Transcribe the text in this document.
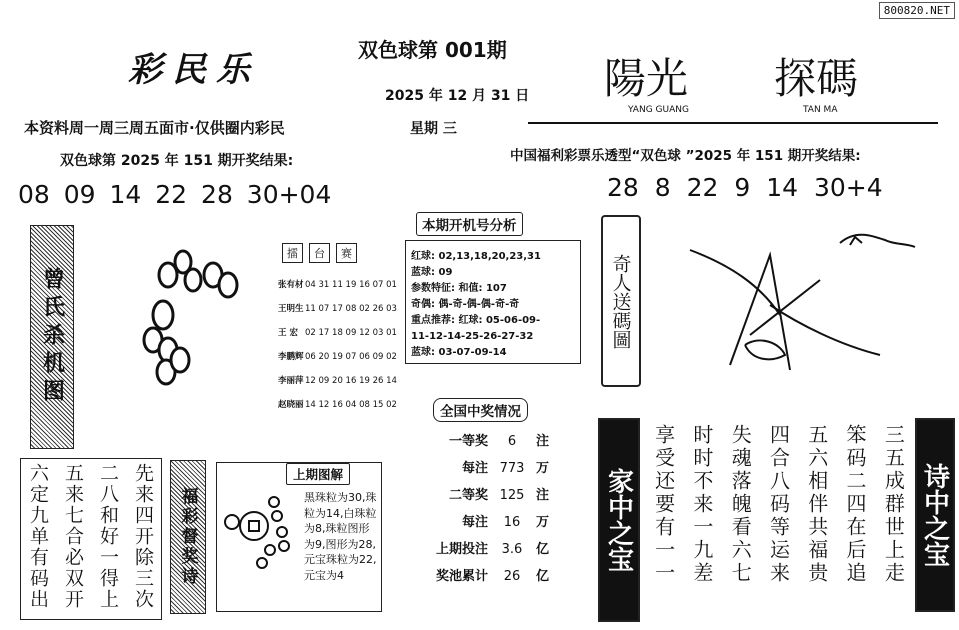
800820.NET
彩民乐	双色球第 001期
2025 年 12 月 31 日
星期 三
陽光 探碼
YANG GUANG	TAN MA
本资料周一周三周五面市·仅供圈内彩民
双色球第 2025 年 151 期开奖结果:
08 09 14 22 28 30+04
中国福利彩票乐透型“双色球 ”2025 年 151 期开奖结果:
28 8 22 9 14 30+4
曾氏杀机图
擂	台	赛
张有材04 31 11 19 16 07 01
王明生11 07 17 08 02 26 03
王 宏 02 17 18 09 12 03 01
李鹏辉06 20 19 07 06 09 02
李丽萍12 09 20 16 19 26 14
赵晓丽14 12 16 04 08 15 02
本期开机号分析
红球: 02,13,18,20,23,31
蓝球: 09
参数特征: 和值: 107
奇偶: 偶-奇-偶-偶-奇-奇
重点推荐: 红球: 05-06-09-
11-12-14-25-26-27-32
蓝球: 03-07-09-14
奇人送碼圖
全国中奖情况
一等奖	6	注
每注 773 万
二等奖 125 注
每注	16	万
上期投注	3.6	亿
奖池累计	26	亿
先来四开除三次
二八和好一得上
五来七合必双开
六定九单有码出	福彩督奖诗
上期图解
黑珠粒为30,珠粒为14,白珠粒为8,珠粒图形为9,图形为28,元宝珠粒为22,元宝为4
家中之宝	三五成群世上走
笨码二四在后追
五六相伴共福贵
四合八码等运来
失魂落魄看六七
时时不来一九差
享受还要有一一	诗中之宝
